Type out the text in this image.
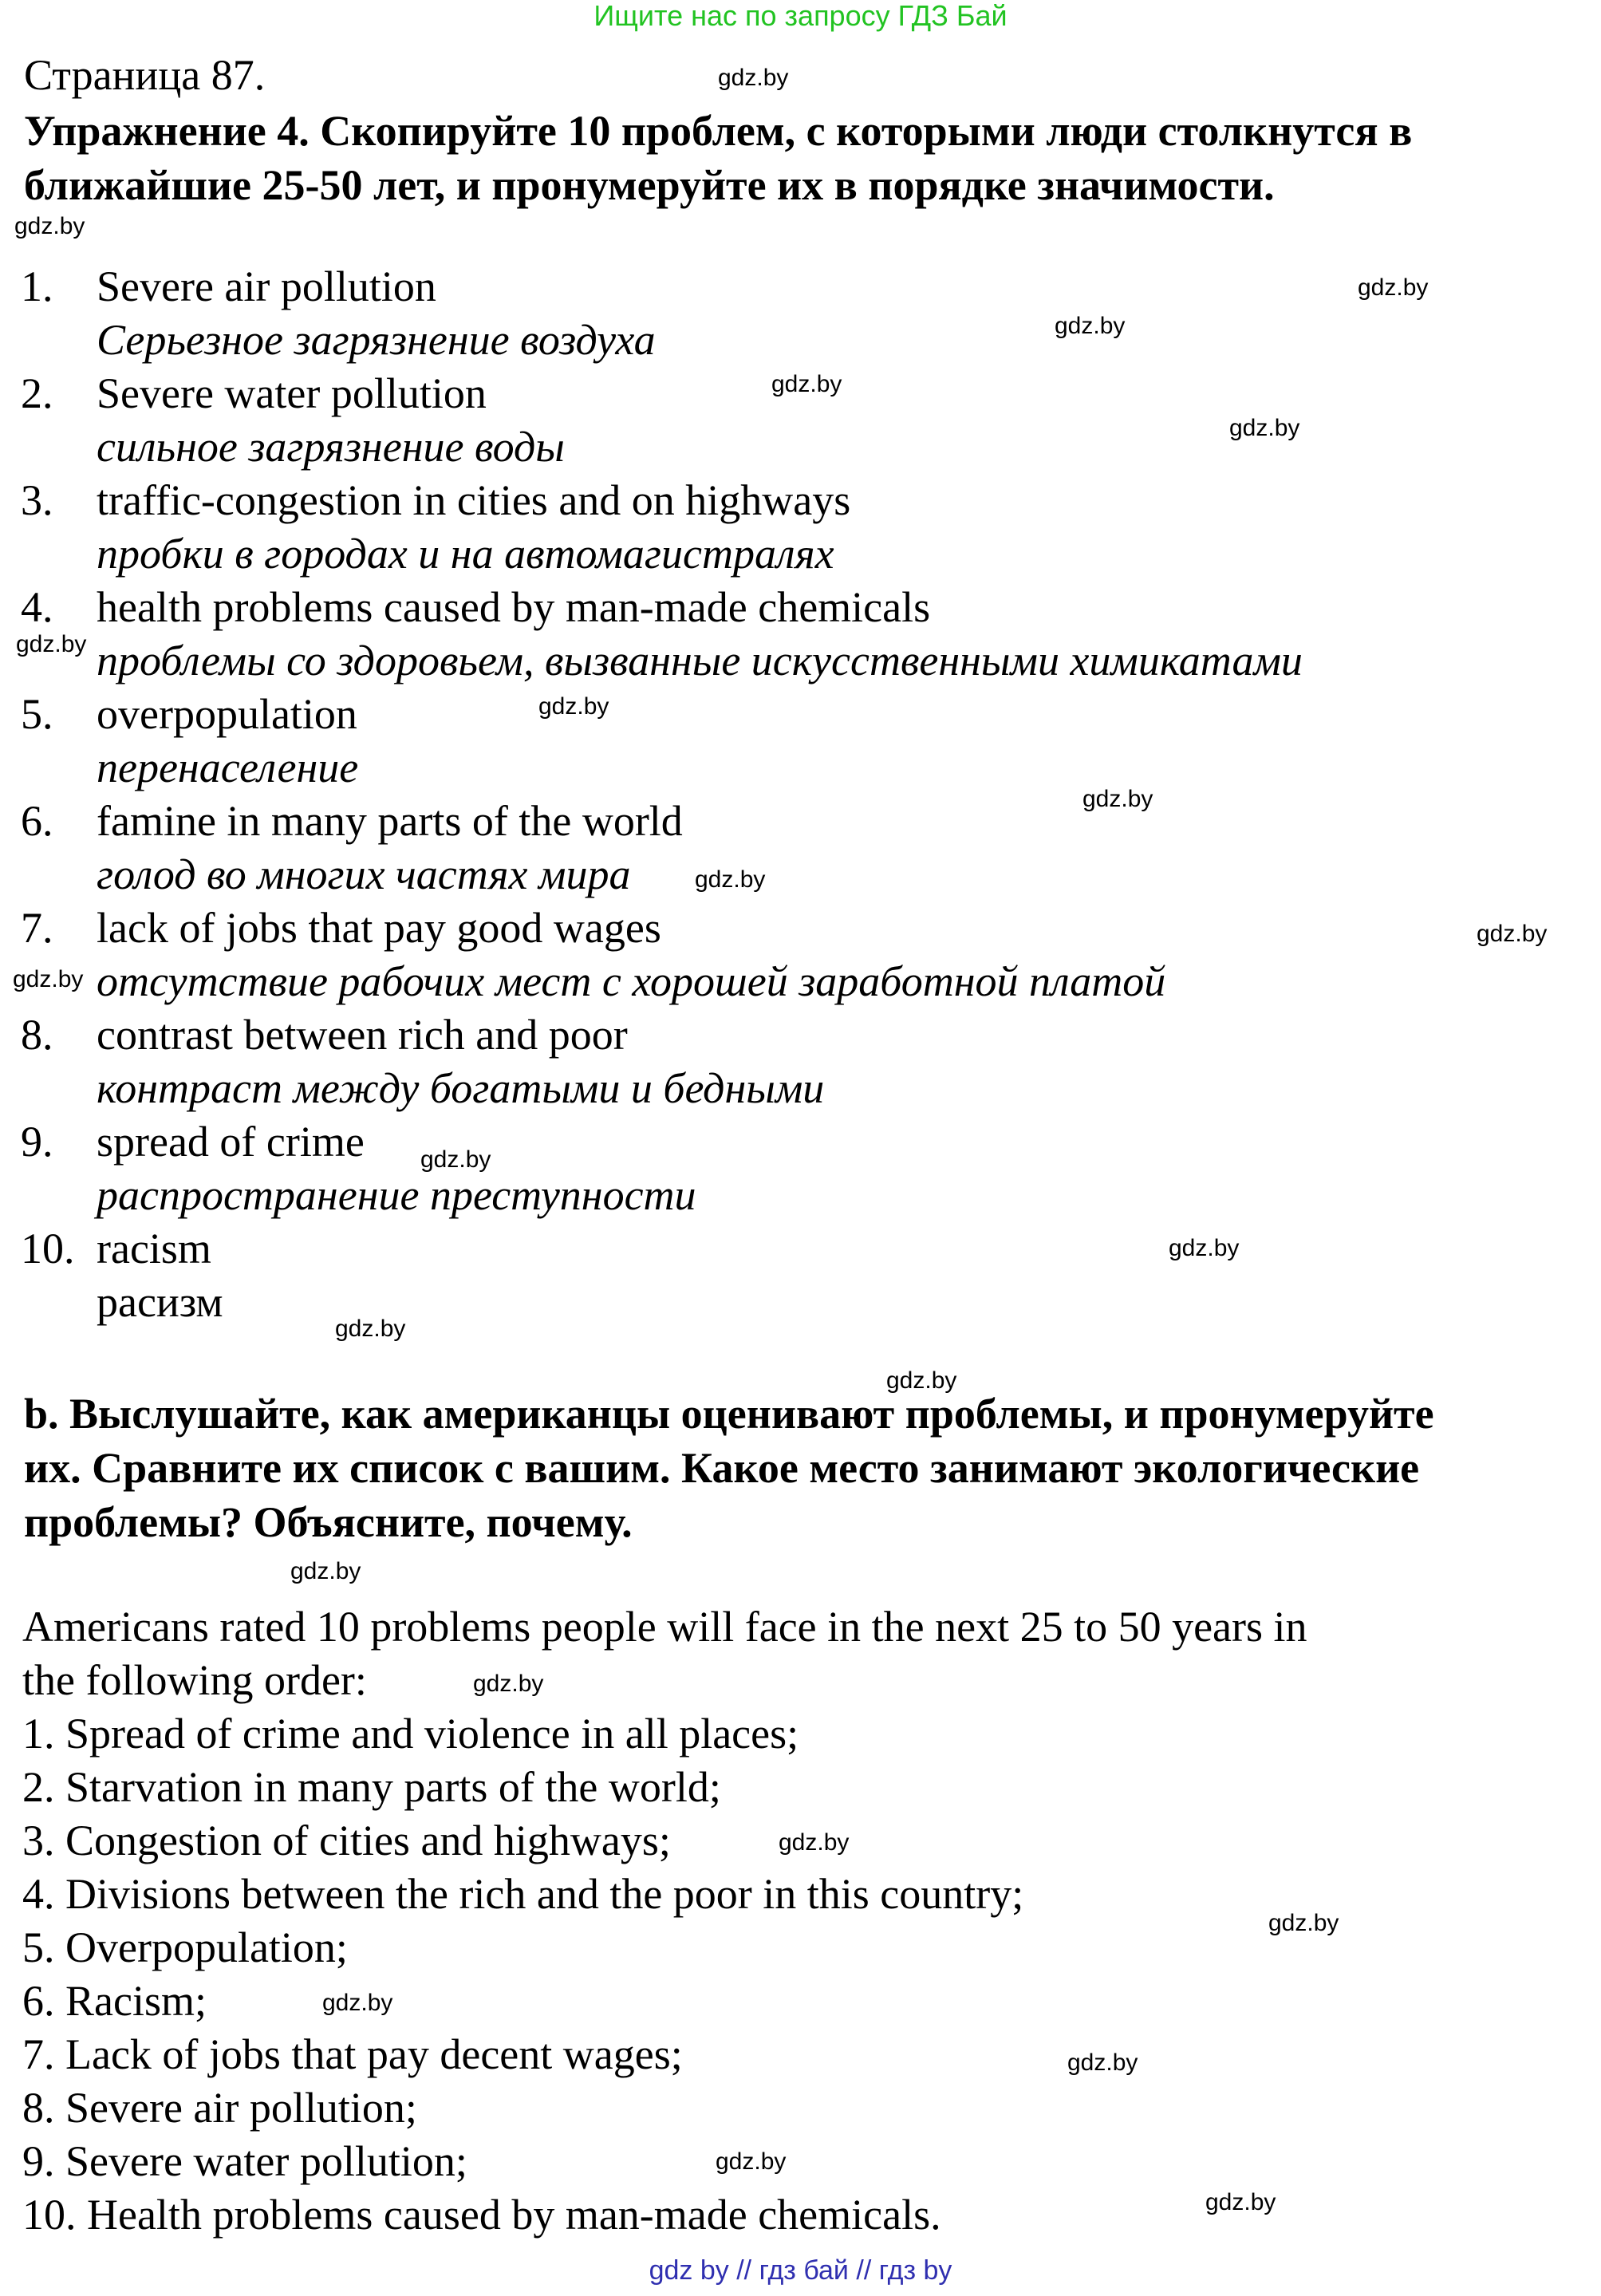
Ищите нас по запросу ГДЗ Бай
Страница 87.
Упражнение 4. Скопируйте 10 проблем, с которыми люди столкнутся в
ближайшие 25-50 лет, и пронумеруйте их в порядке значимости.
1. Severe air pollution
Серьезное загрязнение воздуха
2. Severe water pollution
сильное загрязнение воды
3. traffic-congestion in cities and on highways
пробки в городах и на автомагистралях
4. health problems caused by man-made chemicals
проблемы со здоровьем, вызванные искусственными химикатами
5. overpopulation
перенаселение
6. famine in many parts of the world
голод во многих частях мира
7. lack of jobs that pay good wages
отсутствие рабочих мест с хорошей заработной платой
8. contrast between rich and poor
контраст между богатыми и бедными
9. spread of crime
распространение преступности
10. racism
расизм
b. Выслушайте, как американцы оценивают проблемы, и пронумеруйте
их. Сравните их список с вашим. Какое место занимают экологические
проблемы? Объясните, почему.
Americans rated 10 problems people will face in the next 25 to 50 years in
the following order:
1. Spread of crime and violence in all places;
2. Starvation in many parts of the world;
3. Congestion of cities and highways;
4. Divisions between the rich and the poor in this country;
5. Overpopulation;
6. Racism;
7. Lack of jobs that pay decent wages;
8. Severe air pollution;
9. Severe water pollution;
10. Health problems caused by man-made chemicals.
gdz.by
gdz.by
gdz.by
gdz.by
gdz.by
gdz.by
gdz.by
gdz.by
gdz.by
gdz.by
gdz.by
gdz.by
gdz.by
gdz.by
gdz.by
gdz.by
gdz.by
gdz.by
gdz.by
gdz.by
gdz.by
gdz.by
gdz.by
gdz.by
gdz by // гдз бай // гдз by
